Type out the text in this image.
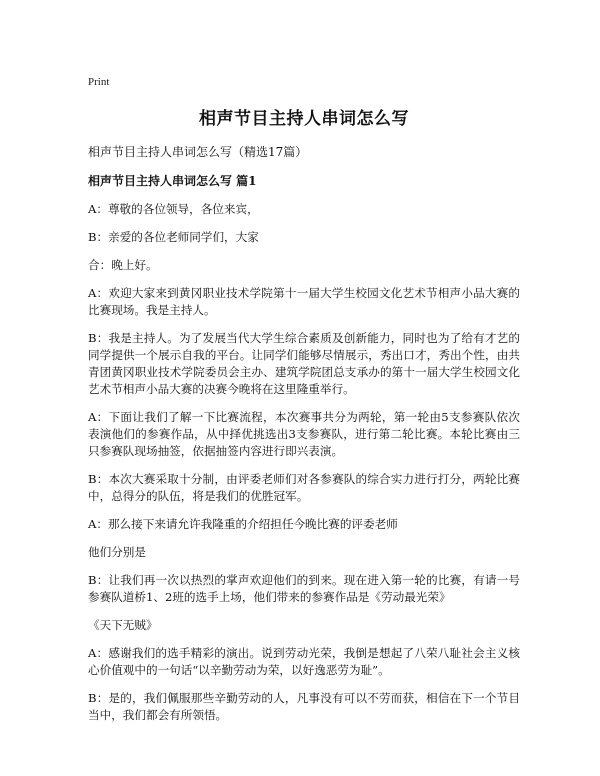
Print
相声节目主持人串词怎么写

相声节目主持人串词怎么写（精选17篇）

相声节目主持人串词怎么写 篇1

A：尊敬的各位领导，各位来宾，

B：亲爱的各位老师同学们，大家

合：晚上好。

A：欢迎大家来到黄冈职业技术学院第十一届大学生校园文化艺术节相声小品大赛的比赛现场。我是主持人。

B：我是主持人。为了发展当代大学生综合素质及创新能力，同时也为了给有才艺的同学提供一个展示自我的平台。让同学们能够尽情展示，秀出口才，秀出个性，由共青团黄冈职业技术学院委员会主办、建筑学院团总支承办的第十一届大学生校园文化艺术节相声小品大赛的决赛今晚将在这里隆重举行。

A：下面让我们了解一下比赛流程，本次赛事共分为两轮，第一轮由5支参赛队依次表演他们的参赛作品，从中择优挑选出3支参赛队，进行第二轮比赛。本轮比赛由三只参赛队现场抽签，依据抽签内容进行即兴表演。

B：本次大赛采取十分制，由评委老师们对各参赛队的综合实力进行打分，两轮比赛中，总得分的队伍，将是我们的优胜冠军。

A：那么接下来请允许我隆重的介绍担任今晚比赛的评委老师

他们分别是

B：让我们再一次以热烈的掌声欢迎他们的到来。现在进入第一轮的比赛，有请一号参赛队道桥1、2班的选手上场，他们带来的参赛作品是《劳动最光荣》

《天下无贼》

A：感谢我们的选手精彩的演出。说到劳动光荣，我倒是想起了八荣八耻社会主义核心价值观中的一句话“以辛勤劳动为荣，以好逸恶劳为耻”。

B：是的，我们佩服那些辛勤劳动的人，凡事没有可以不劳而获，相信在下一个节目当中，我们都会有所领悟。
